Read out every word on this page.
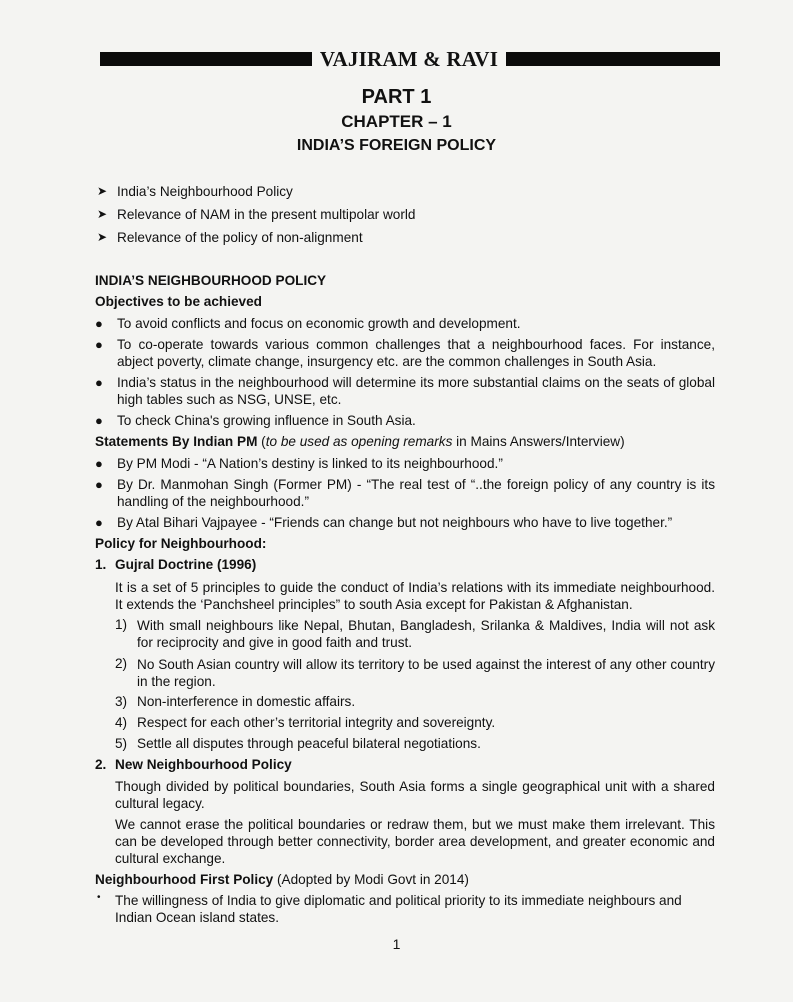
VAJIRAM & RAVI
PART 1
CHAPTER – 1
INDIA’S FOREIGN POLICY
➤ India’s Neighbourhood Policy
➤ Relevance of NAM in the present multipolar world
➤ Relevance of the policy of non-alignment
INDIA’S NEIGHBOURHOOD POLICY
Objectives to be achieved
● To avoid conflicts and focus on economic growth and development.
● To co-operate towards various common challenges that a neighbourhood faces. For instance, abject poverty, climate change, insurgency etc. are the common challenges in South Asia.
● India’s status in the neighbourhood will determine its more substantial claims on the seats of global high tables such as NSG, UNSE, etc.
● To check China's growing influence in South Asia.
Statements By Indian PM (to be used as opening remarks in Mains Answers/Interview)
● By PM Modi - “A Nation’s destiny is linked to its neighbourhood.”
● By Dr. Manmohan Singh (Former PM) - “The real test of “..the foreign policy of any country is its handling of the neighbourhood.”
● By Atal Bihari Vajpayee - “Friends can change but not neighbours who have to live together.”
Policy for Neighbourhood:
1. Gujral Doctrine (1996)
It is a set of 5 principles to guide the conduct of India’s relations with its immediate neighbourhood. It extends the ‘Panchsheel principles” to south Asia except for Pakistan & Afghanistan.
1) With small neighbours like Nepal, Bhutan, Bangladesh, Srilanka & Maldives, India will not ask for reciprocity and give in good faith and trust.
2) No South Asian country will allow its territory to be used against the interest of any other country in the region.
3) Non-interference in domestic affairs.
4) Respect for each other’s territorial integrity and sovereignty.
5) Settle all disputes through peaceful bilateral negotiations.
2. New Neighbourhood Policy
Though divided by political boundaries, South Asia forms a single geographical unit with a shared cultural legacy.
We cannot erase the political boundaries or redraw them, but we must make them irrelevant. This can be developed through better connectivity, border area development, and greater economic and cultural exchange.
Neighbourhood First Policy (Adopted by Modi Govt in 2014)
• The willingness of India to give diplomatic and political priority to its immediate neighbours and Indian Ocean island states.
1
